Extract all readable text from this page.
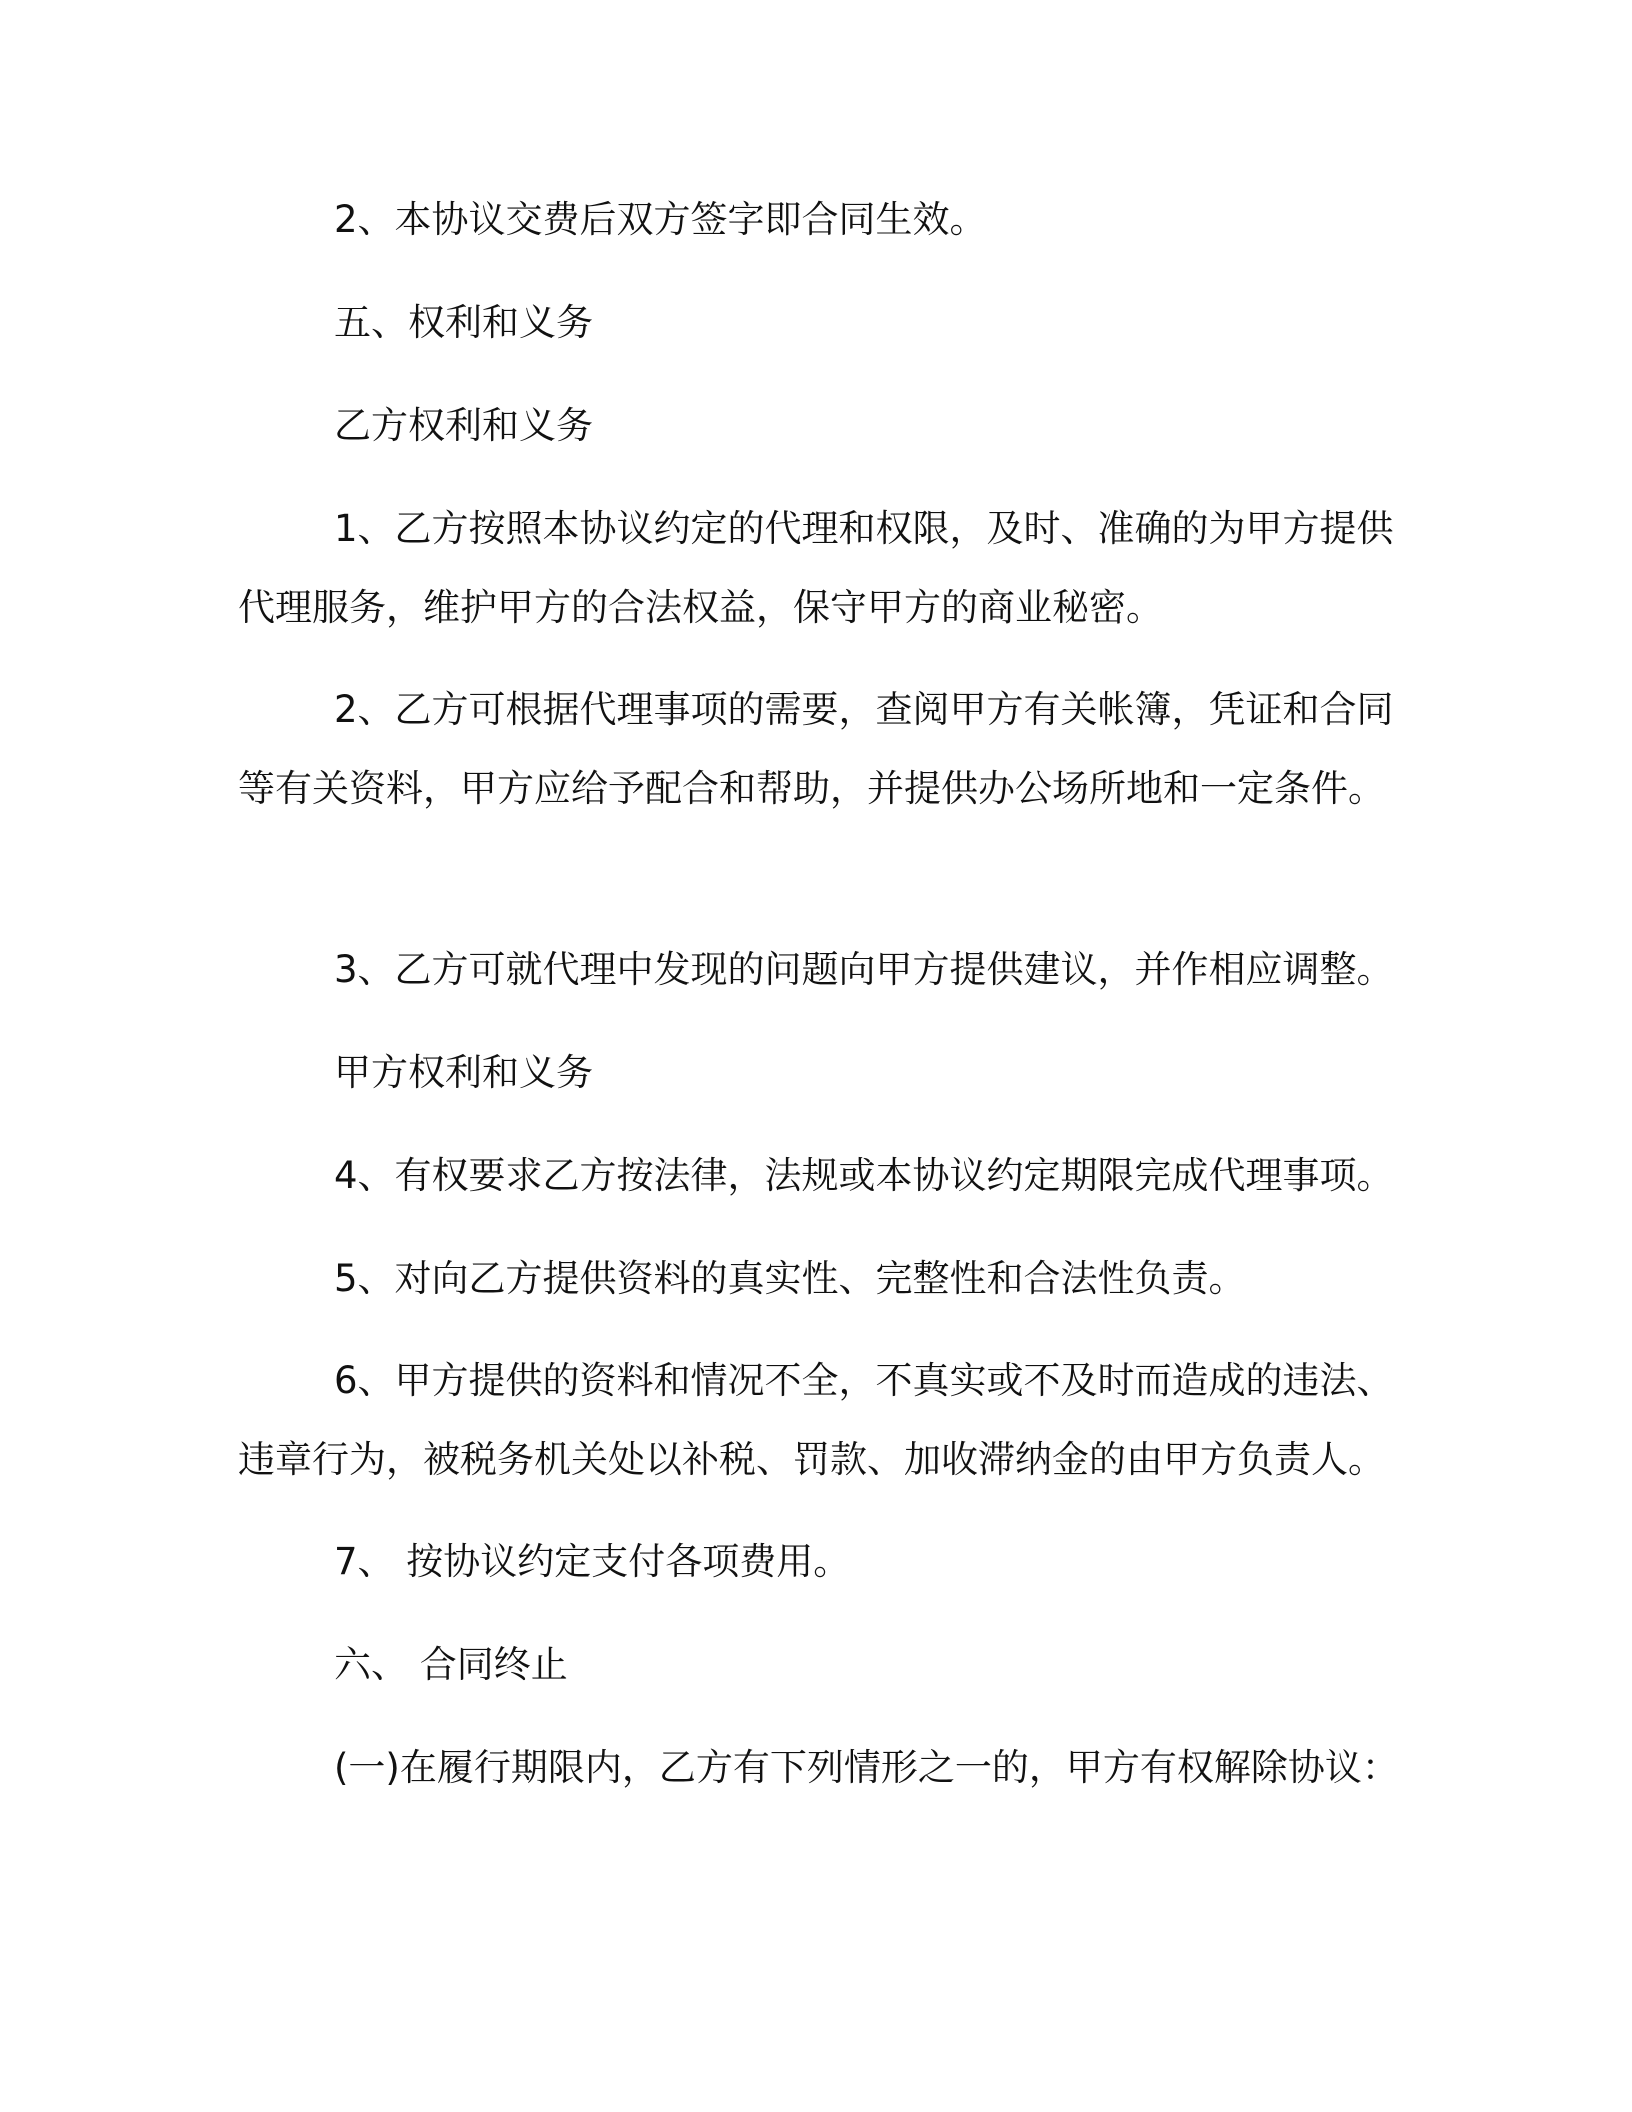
2、本协议交费后双方签字即合同生效。

五、权利和义务

乙方权利和义务

1、乙方按照本协议约定的代理和权限，及时、准确的为甲方提供代理服务，维护甲方的合法权益，保守甲方的商业秘密。

2、乙方可根据代理事项的需要，查阅甲方有关帐簿，凭证和合同等有关资料，甲方应给予配合和帮助，并提供办公场所地和一定条件。

3、乙方可就代理中发现的问题向甲方提供建议，并作相应调整。

甲方权利和义务

4、有权要求乙方按法律，法规或本协议约定期限完成代理事项。

5、对向乙方提供资料的真实性、完整性和合法性负责。

6、甲方提供的资料和情况不全，不真实或不及时而造成的违法、违章行为，被税务机关处以补税、罚款、加收滞纳金的由甲方负责人。

7、 按协议约定支付各项费用。

六、 合同终止

(一)在履行期限内，乙方有下列情形之一的，甲方有权解除协议：
